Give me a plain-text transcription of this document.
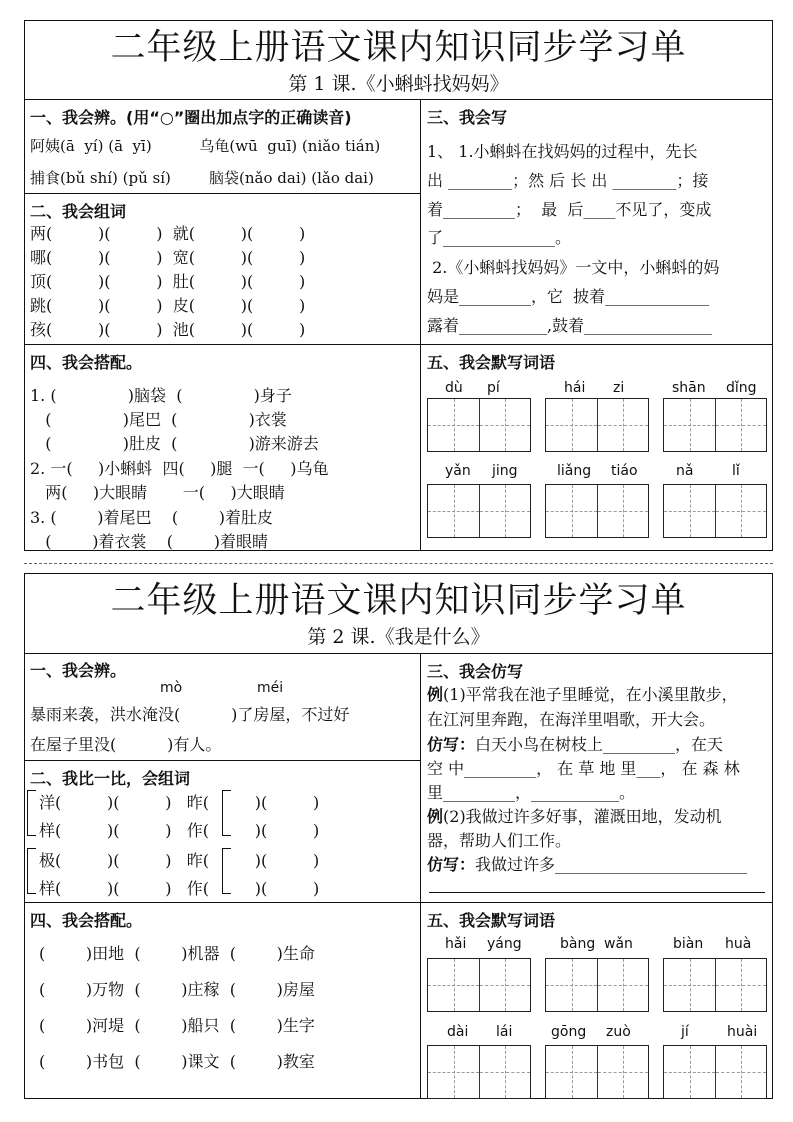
二年级上册语文课内知识同步学习单
第 1 课.《小蝌蚪找妈妈》
一、我会辨。(用“○”圈出加点字的正确读音)
阿姨(ā  yí) (ā  yī)          乌龟(wū  guī) (niǎo tián)
捕食(bǔ shí) (pǔ sí)        脑袋(nǎo dai) (lǎo dai)
二、我会组词
两(         )(         )  就(         )(         )
哪(         )(         )  宽(         )(         )
顶(         )(         )  肚(         )(         )
跳(         )(         )  皮(         )(         )
孩(         )(         )  池(         )(         )
三、我会写
1、 1.小蝌蚪在找妈妈的过程中，先长
出 ________；然 后 长 出 ________；接
着_________；  最  后____不见了，变成
了______________。
2.《小蝌蚪找妈妈》一文中，小蝌蚪的妈
妈是_________，它  披着_____________
露着___________,鼓着________________
四、我会搭配。
1. (              )脑袋  (              )身子
(              )尾巴  (              )衣裳
(              )肚皮  (              )游来游去
2. 一(     )小蝌蚪  四(     )腿  一(     )乌龟
两(     )大眼睛       一(     )大眼睛
3. (        )着尾巴    (        )着肚皮
(        )着衣裳    (        )着眼睛
五、我会默写词语
dù pí	hái zi	shān dǐng
yǎn jing	liǎng tiáo	nǎ	lǐ
二年级上册语文课内知识同步学习单
第 2 课.《我是什么》
一、我会辨。
mò	méi
暴雨来袭，洪水淹没(          )了房屋，不过好
在屋子里没(          )有人。
二、我比一比，会组词
洋(         )(         )   昨(         )(         )
样(         )(         )   作(         )(         )
极(         )(         )   昨(         )(         )
样(         )(         )   作(         )(         )
三、我会仿写
例(1)平常我在池子里睡觉，在小溪里散步，
在江河里奔跑，在海洋里唱歌，开大会。
仿写：白天小鸟在树枝上_________，在天
空 中_________， 在 草 地 里___， 在 森 林
里_________，___________。
例(2)我做过许多好事，灌溉田地，发动机
器，帮助人们工作。
仿写：我做过许多________________________
四、我会搭配。
(        )田地  (        )机器  (        )生命
(        )万物  (        )庄稼  (        )房屋
(        )河堤  (        )船只  (        )生字
(        )书包  (        )课文  (        )教室
五、我会默写词语
hǎi yáng	bàng wǎn	biàn huà
dài lái	gōng zuò	jí	huài
